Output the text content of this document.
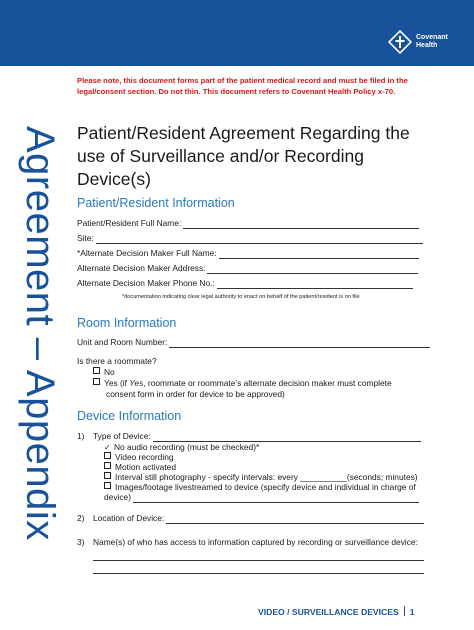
Covenant
Health
Agreement – Appendix
Please note, this document forms part of the patient medical record and must be filed in the legal/consent section. Do not thin. This document refers to Covenant Health Policy x-70.
Patient/Resident Agreement Regarding the use of Surveillance and/or Recording Device(s)
Patient/Resident Information
Patient/Resident Full Name:
Site:
*Alternate Decision Maker Full Name:
Alternate Decision Maker Address:
Alternate Decision Maker Phone No.:
*documentation indicating clear legal authority to enact on behalf of the patient/resident is on file
Room Information
Unit and Room Number:
Is there a roommate?
No
Yes (if Yes, roommate or roommate’s alternate decision maker must complete
consent form in order for device to be approved)
Device Information
1) Type of Device:
✓ No audio recording (must be checked)*
Video recording
Motion activated
Interval still photography - specify intervals: every __________(seconds; minutes)
Images/footage livestreamed to device (specify device and individual in charge of
device)
2) Location of Device:
3) Name(s) of who has access to information captured by recording or surveillance device:
VIDEO / SURVEILLANCE DEVICES 1
